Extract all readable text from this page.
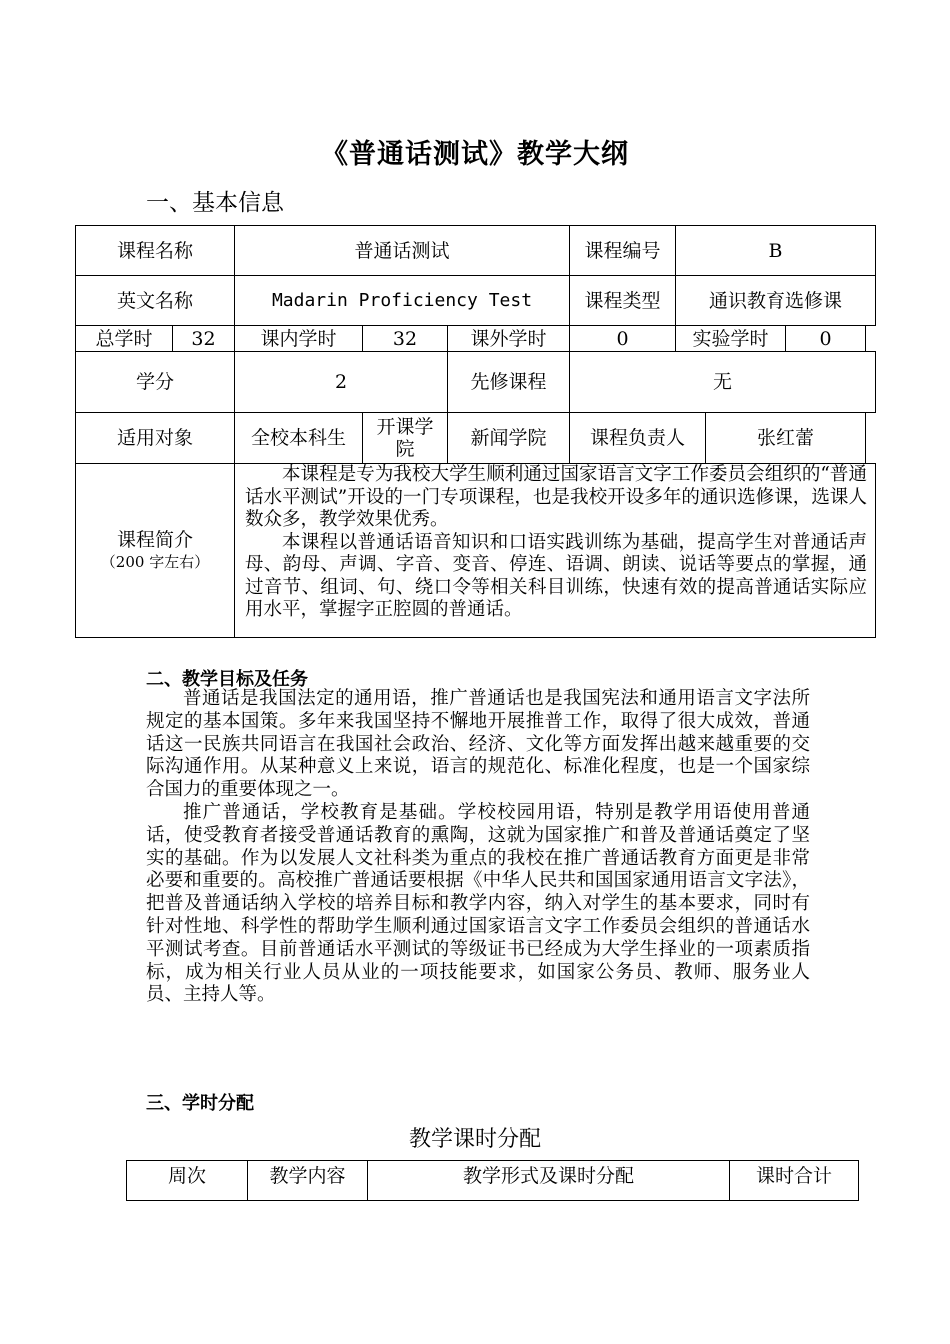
《普通话测试》教学大纲
一、基本信息
课程名称	普通话测试	课程编号	B
英文名称	Madarin Proficiency Test	课程类型	通识教育选修课
总学时	32	课内学时	32	课外学时	0	实验学时	0
学分	2	先修课程	无
适用对象	全校本科生	开课学院	新闻学院	课程负责人	张红蕾
课程简介
（200 字左右）

本课程是专为我校大学生顺利通过国家语言文字工作委员会组织的“普通话水平测试”开设的一门专项课程，也是我校开设多年的通识选修课，选课人数众多，教学效果优秀。

本课程以普通话语音知识和口语实践训练为基础，提高学生对普通话声母、韵母、声调、字音、变音、停连、语调、朗读、说话等要点的掌握，通过音节、组词、句、绕口令等相关科目训练，快速有效的提高普通话实际应用水平，掌握字正腔圆的普通话。

二、教学目标及任务

普通话是我国法定的通用语，推广普通话也是我国宪法和通用语言文字法所规定的基本国策。多年来我国坚持不懈地开展推普工作，取得了很大成效，普通话这一民族共同语言在我国社会政治、经济、文化等方面发挥出越来越重要的交际沟通作用。从某种意义上来说，语言的规范化、标准化程度，也是一个国家综合国力的重要体现之一。

推广普通话，学校教育是基础。学校校园用语，特别是教学用语使用普通话，使受教育者接受普通话教育的熏陶，这就为国家推广和普及普通话奠定了坚实的基础。作为以发展人文社科类为重点的我校在推广普通话教育方面更是非常必要和重要的。高校推广普通话要根据《中华人民共和国国家通用语言文字法》，把普及普通话纳入学校的培养目标和教学内容，纳入对学生的基本要求，同时有针对性地、科学性的帮助学生顺利通过国家语言文字工作委员会组织的普通话水平测试考查。目前普通话水平测试的等级证书已经成为大学生择业的一项素质指标，成为相关行业人员从业的一项技能要求，如国家公务员、教师、服务业人员、主持人等。

三、学时分配
教学课时分配
周次	教学内容	教学形式及课时分配	课时合计
